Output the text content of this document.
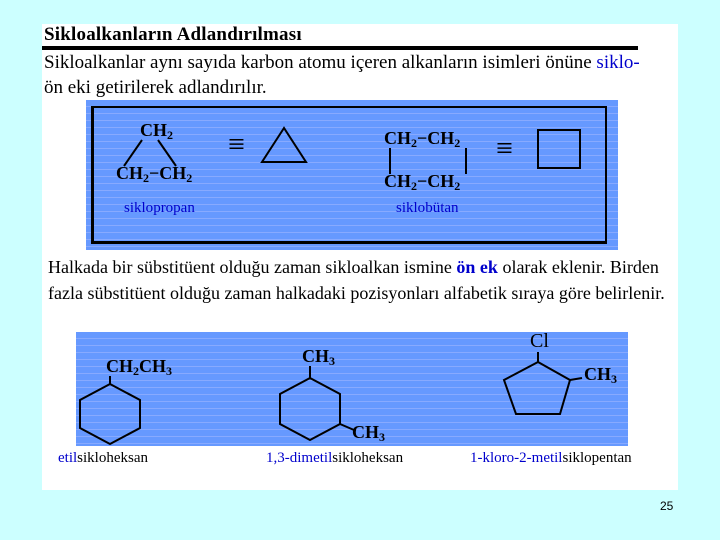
Sikloalkanların Adlandırılması
Sikloalkanlar aynı sayıda karbon atomu içeren alkanların isimleri önüne siklo- ön eki getirilerek adlandırılır.
$CH_2$
$CH_2-CH_2$
≡
siklopropan
$CH_2-CH_2$
$CH_2-CH_2$
≡
siklobütan
Halkada bir sübstitüent olduğu zaman sikloalkan ismine ön ek olarak eklenir. Birden fazla sübstitüent olduğu zaman halkadaki pozisyonları alfabetik sıraya göre belirlenir.
$CH_2CH_3$
etilsikloheksan
$CH_3$
$CH_3$
1,3-dimetilsikloheksan
Cl
$CH_3$
1-kloro-2-metilsiklopentan
25
